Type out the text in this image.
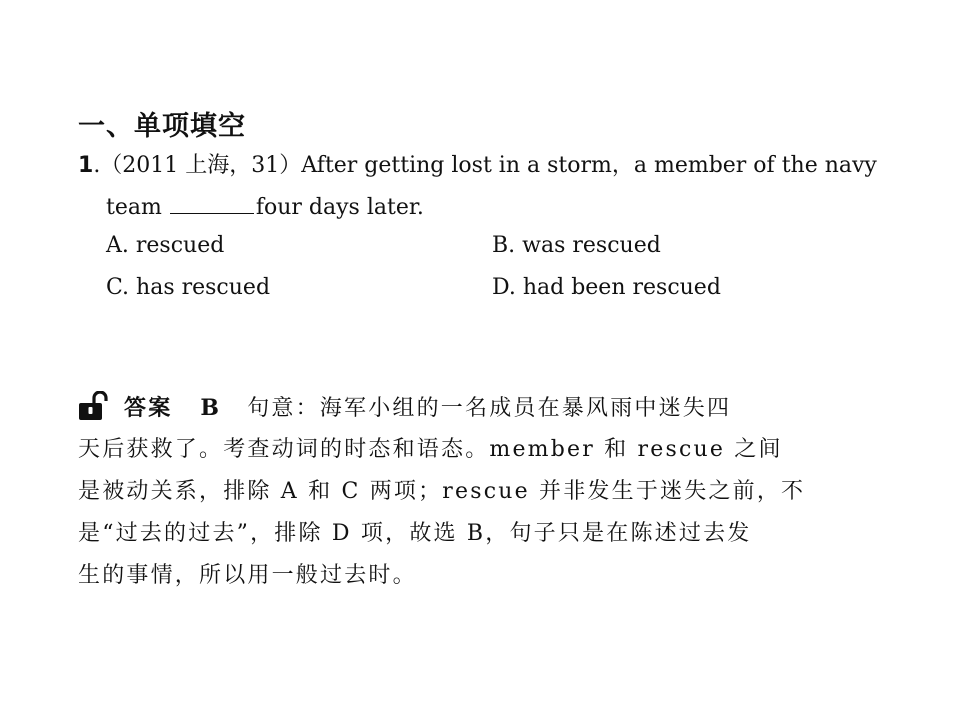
一、单项填空
1.（2011 上海，31）After getting lost in a storm，a member of the navy
team	four days later.
A. rescued	B. was rescued
C. has rescued	D. had been rescued
答案 B 句意：海军小组的一名成员在暴风雨中迷失四
天后获救了。考查动词的时态和语态。member 和 rescue 之间
是被动关系，排除 A 和 C 两项；rescue 并非发生于迷失之前，不
是“过去的过去”，排除 D 项，故选 B，句子只是在陈述过去发
生的事情，所以用一般过去时。
